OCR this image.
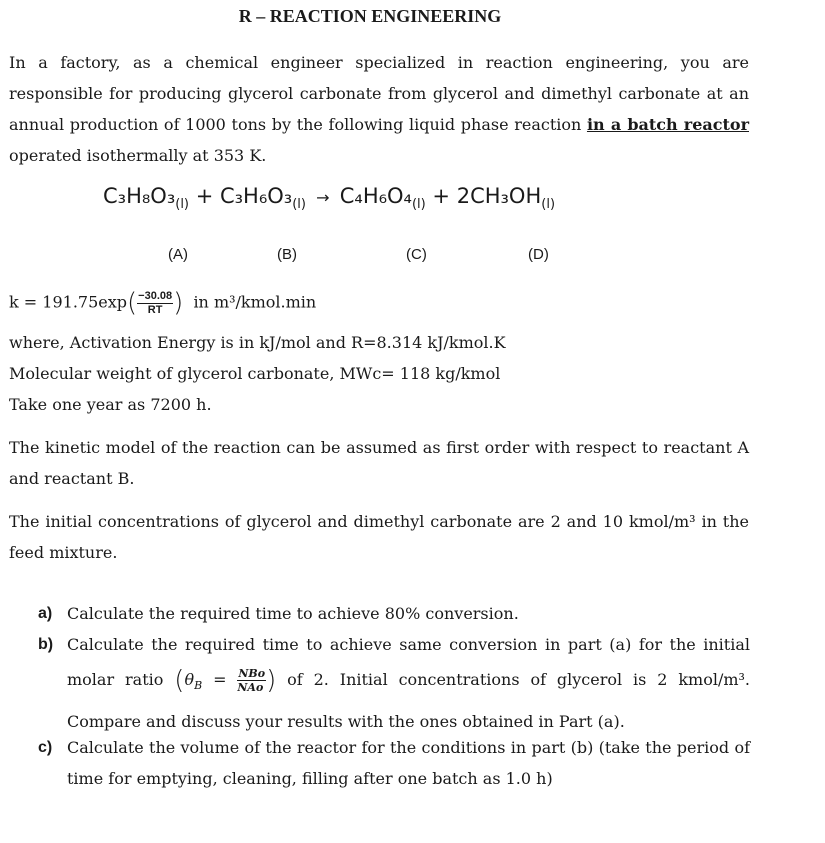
R – REACTION ENGINEERING

In a factory, as a chemical engineer specialized in reaction engineering, you are responsible for producing glycerol carbonate from glycerol and dimethyl carbonate at an annual production of 1000 tons by the following liquid phase reaction in a batch reactor operated isothermally at 353 K.

$C_3H_8O_3_{(l)} + C_3H_6O_3_{(l)} \to C_4H_6O_4_{(l)} + 2CH_3OH_{(l)}$
(A)	(B)	(C)	(D)
$k = 191.75\exp( \frac{-30.08}{RT}$ ) in m³/kmol.min
where, Activation Energy is in kJ/mol and R=8.314 kJ/kmol.K
Molecular weight of glycerol carbonate, MWc= 118 kg/kmol
Take one year as 7200 h.

The kinetic model of the reaction can be assumed as first order with respect to reactant A and reactant B.

The initial concentrations of glycerol and dimethyl carbonate are 2 and 10 kmol/m³ in the feed mixture.

a) Calculate the required time to achieve 80% conversion.
b) Calculate the required time to achieve same conversion in part (a) for the initial
molar ratio ($\theta_B = \frac{\text{NBo}}{\text{NAo}}$ ) of 2. Initial concentrations of glycerol is 2 kmol/m³.
Compare and discuss your results with the ones obtained in Part (a).
c) Calculate the volume of the reactor for the conditions in part (b) (take the period of time for emptying, cleaning, filling after one batch as 1.0 h)
